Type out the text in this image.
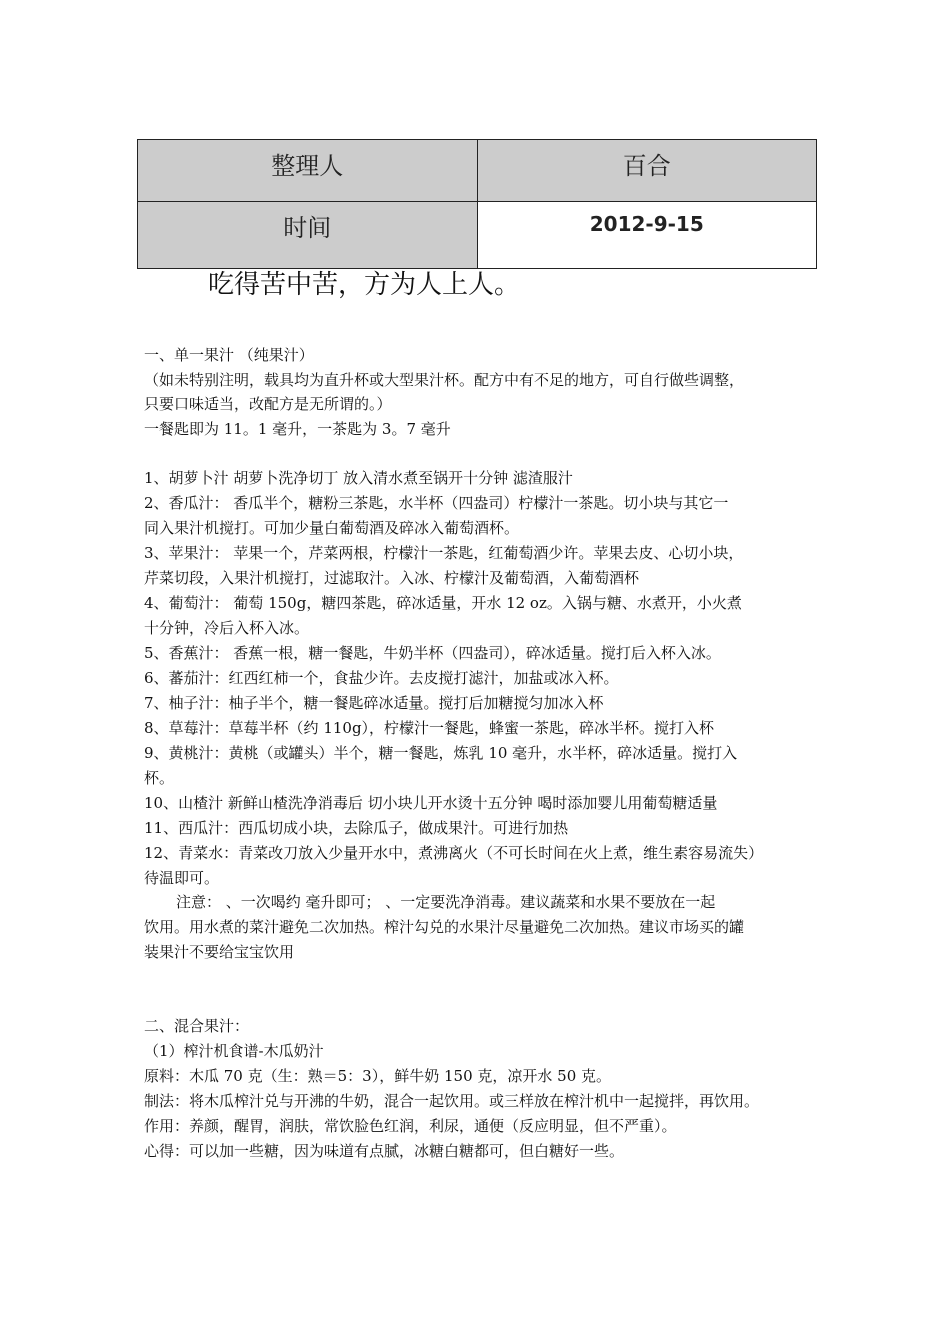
整理人	百合
时间	2012-9-15
吃得苦中苦，方为人上人。
一、单一果汁 （纯果汁）
（如未特别注明，载具均为直升杯或大型果汁杯。配方中有不足的地方，可自行做些调整，
只要口味适当，改配方是无所谓的。）
一餐匙即为 11。1 毫升，一茶匙为 3。7 毫升
1、胡萝卜汁 胡萝卜洗净切丁 放入清水煮至锅开十分钟 滤渣服汁
2、香瓜汁： 香瓜半个，糖粉三茶匙，水半杯（四盎司）柠檬汁一茶匙。切小块与其它一
同入果汁机搅打。可加少量白葡萄酒及碎冰入葡萄酒杯。
3、苹果汁： 苹果一个，芹菜两根，柠檬汁一茶匙，红葡萄酒少许。苹果去皮、心切小块，
芹菜切段，入果汁机搅打，过滤取汁。入冰、柠檬汁及葡萄酒，入葡萄酒杯
4、葡萄汁： 葡萄 150g，糖四茶匙，碎冰适量，开水 12 oz。入锅与糖、水煮开，小火煮
十分钟，冷后入杯入冰。
5、香蕉汁： 香蕉一根，糖一餐匙，牛奶半杯（四盎司），碎冰适量。搅打后入杯入冰。
6、蕃茄汁：红西红柿一个，食盐少许。去皮搅打滤汁，加盐或冰入杯。
7、柚子汁：柚子半个，糖一餐匙碎冰适量。搅打后加糖搅匀加冰入杯
8、草莓汁：草莓半杯（约 110g），柠檬汁一餐匙，蜂蜜一茶匙，碎冰半杯。搅打入杯
9、黄桃汁：黄桃（或罐头）半个，糖一餐匙，炼乳 10 毫升，水半杯，碎冰适量。搅打入
杯。
10、山楂汁 新鲜山楂洗净消毒后 切小块儿开水烫十五分钟 喝时添加婴儿用葡萄糖适量
11、西瓜汁：西瓜切成小块，去除瓜子，做成果汁。可进行加热
12、青菜水：青菜改刀放入少量开水中，煮沸离火（不可长时间在火上煮，维生素容易流失）
待温即可。
注意： 、一次喝约 毫升即可； 、一定要洗净消毒。建议蔬菜和水果不要放在一起
饮用。用水煮的菜汁避免二次加热。榨汁勾兑的水果汁尽量避免二次加热。建议市场买的罐
装果汁不要给宝宝饮用
二、混合果汁：
（1）榨汁机食谱-木瓜奶汁
原料：木瓜 70 克（生：熟＝5：3），鲜牛奶 150 克，凉开水 50 克。
制法：将木瓜榨汁兑与开沸的牛奶，混合一起饮用。或三样放在榨汁机中一起搅拌，再饮用。
作用：养颜，醒胃，润肤，常饮脸色红润，利尿，通便（反应明显，但不严重）。
心得：可以加一些糖，因为味道有点腻，冰糖白糖都可，但白糖好一些。
